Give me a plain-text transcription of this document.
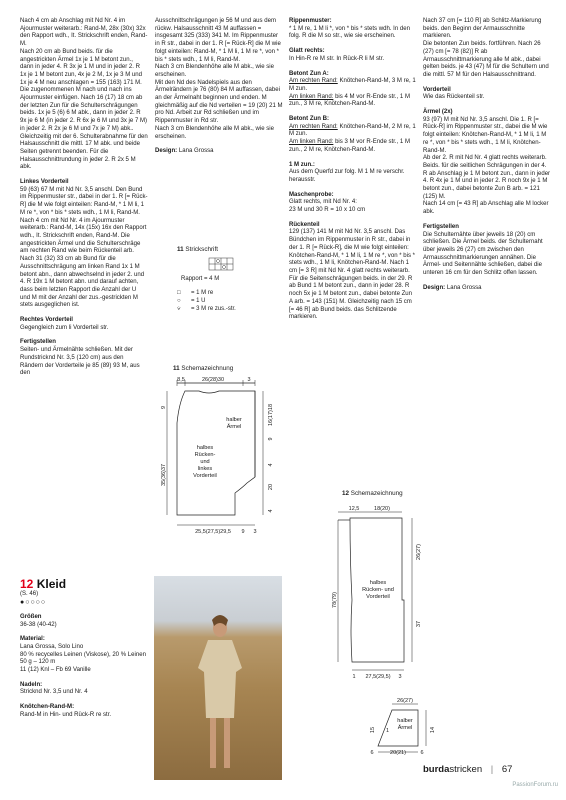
Nach 4 cm ab Anschlag mit Nd Nr. 4 im Ajourmuster weiterarb.: Rand-M, 28x (30x) 32x den Rapport wdh., It. Strickschrift enden, Rand-M.
Nach 20 cm ab Bund beids. für die angestrickten Ärmel 1x je 1 M betont zun., dann in jeder 4. R 3x je 1 M und in jeder 2. R 1x je 1 M betont zun, 4x je 2 M, 1x je 3 M und 1x je 4 M neu anschlagen = 155 (163) 171 M. Die zugenommenen M nach und nach ins Ajourmuster einfügen. Nach 16 (17) 18 cm ab der letzten Zun für die Schulterschrägungen beids. 1x je 5 (6) 6 M abk., dann in jeder 2. R 9x je 6 M (in jeder 2. R 6x je 6 M und 3x je 7 M) in jeder 2. R 2x je 6 M und 7x je 7 M) abk.. Gleichzeitig mit der 6. Schulterabnahme für den Halsausschnitt die mittl. 17 M abk. und beide Seiten getrennt beenden. Für die Halsausschnittrundung in jeder 2. R 2x 5 M abk.

Linkes Vorderteil

59 (63) 67 M mit Nd Nr. 3,5 anschl. Den Bund im Rippenmuster str., dabei in der 1. R [= Rück-R] die M wie folgt einteilen: Rand-M, * 1 M li, 1 M re *, von * bis * stets wdh., 1 M li, Rand-M. Nach 4 cm mit Nd Nr. 4 im Ajourmuster weiterarb.: Rand-M, 14x (15x) 16x den Rapport wdh., It. Strickschrift enden, Rand-M. Die angestrickten Ärmel und die Schulterschräge am rechten Rand wie beim Rückenteil arb.
Nach 31 (32) 33 cm ab Bund für die Ausschnittschrägung am linken Rand 1x 1 M betont abn., dann abwechselnd in jeder 2. und 4. R 19x 1 M betont abn. und darauf achten, dass beim letzten Rapport die Anzahl der U und M mit der Anzahl der zus.-gestrickten M stets ausgeglichen ist.

Rechtes Vorderteil

Gegengleich zum li Vorderteil str.

Fertigstellen

Seiten- und Ärmelnähte schließen. Mit der Rundstricknd Nr. 3,5 (120 cm) aus den Rändern der Vorderteile je 85 (89) 93 M, aus den

Ausschnittschrägungen je 56 M und aus dem rückw. Halsausschnitt 43 M auffassen = insgesamt 325 (333) 341 M. Im Rippenmuster in R str., dabei in der 1. R [= Rück-R] die M wie folgt einteilen: Rand-M, * 1 M li, 1 M re *, von * bis * stets wdh., 1 M li, Rand-M.
Nach 3 cm Blendenhöhe alle M abk., wie sie erscheinen.
Mit den Nd des Nadelspiels aus den Ärmelrändern je 76 (80) 84 M auffassen, dabei an der Ärmelnaht beginnen und enden. M gleichmäßig auf die Nd verteilen = 19 (20) 21 M pro Nd. Arbeit zur Rd schließen und im Rippenmuster in Rd str.
Nach 3 cm Blendenhöhe alle M abk., wie sie erscheinen.

Design: Lana Grossa

11 Strickschrift
Rapport = 4 M
□ = 1 M re
○ = 1 U
⩒ = 3 M re zus.-str.
11 Schemazeichnung
8,5	26(28)30	3
9
35(36)37
16(17)18
9
4
20
4
25,5(27,5)29,5 9 3
halber
Ärmel
halbes
Rücken-
und
linkes
Vorderteil

Rippenmuster:

* 1 M re, 1 M li *, von * bis * stets wdh. In den folg. R die M so str., wie sie erscheinen.

Glatt rechts:

In Hin-R re M str. In Rück-R li M str.

Betont Zun A:

Am rechten Rand: Knötchen-Rand-M, 3 M re, 1 M zun.

Am linken Rand: bis 4 M vor R-Ende str., 1 M zun., 3 M re, Knötchen-Rand-M.

Betont Zun B:

Am rechten Rand: Knötchen-Rand-M, 2 M re, 1 M zun.

Am linken Rand: bis 3 M vor R-Ende str., 1 M zun., 2 M re, Knötchen-Rand-M.

1 M zun.:

Aus dem Querfd zur folg. M 1 M re verschr. herausstr.

Maschenprobe:

Glatt rechts, mit Nd Nr. 4:
23 M und 30 R = 10 x 10 cm

Rückenteil

129 (137) 141 M mit Nd Nr. 3,5 anschl. Das Bündchen im Rippenmuster in R str., dabei in der 1. R [= Rück-R], die M wie folgt einteilen: Knötchen-Rand-M, * 1 M li, 1 M re *, von * bis * stets wdh., 1 M li, Knötchen-Rand-M. Nach 1 cm [= 3 R] mit Nd Nr. 4 glatt rechts weiterarb.
Für die Seitenschrägungen beids. in der 29. R ab Bund 1 M betont zun., dann in jeder 28. R noch 5x je 1 M betont zun., dabei betonte Zun A arb. = 143 (151) M. Gleichzeitig nach 15 cm [= 46 R] ab Bund beids. das Schlitzende markieren.

Nach 37 cm [= 110 R] ab Schlitz-Markierung beids. den Beginn der Armausschnitte markieren.
Die betonten Zun beids. fortführen. Nach 26 (27) cm [= 78 (82)] R ab Armausschnittmarkierung alle M abk., dabei gelten beids. je 43 (47) M für die Schultern und die mittl. 57 M für den Halsausschnittrand.

Vorderteil

Wie das Rückenteil str.

Ärmel (2x)

93 (97) M mit Nd Nr. 3,5 anschl. Die 1. R [= Rück-R] im Rippenmuster str., dabei die M wie folgt einteilen: Knötchen-Rand-M, * 1 M li, 1 M re *, von * bis * stets wdh., 1 M li, Knötchen-Rand-M.
Ab der 2. R mit Nd Nr. 4 glatt rechts weiterarb.
Beids. für die seitlichen Schrägungen in der 4. R ab Anschlag je 1 M betont zun., dann in jeder 4. R 4x je 1 M und in jeder 2. R noch 9x je 1 M betont zun., dabei betonte Zun B arb. = 121 (125) M.
Nach 14 cm [= 43 R] ab Anschlag alle M locker abk.

Fertigstellen

Die Schulternähte über jeweils 18 (20) cm schließen. Die Ärmel beids. der Schulternaht über jeweils 26 (27) cm zwischen den Armausschnittmarkierungen annähen. Die Ärmel- und Seitennähte schließen, dabei die unteren 16 cm für den Schlitz offen lassen.

Design: Lana Grossa

12 Schemazeichnung
12,5	18(20)
26(27)
78(79)
37
1 27,5(29,5) 3
26(27)
15 1	14
6	20(21)	6
halbes
Rücken- und
Vorderteil
halber
Ärmel

12 Kleid
(S. 46)

●○○○○

Größen

36-38 (40-42)

Material:

Lana Grossa, Solo Lino
80 % recycelles Leinen (Viskose), 20 % Leinen
50 g – 120 m
11 (12) Knl – Fb 69 Vanille

Nadeln:

Stricknd Nr. 3,5 und Nr. 4

Knötchen-Rand-M:

Rand-M in Hin- und Rück-R re str.

burdastricken | 67
PassionForum.ru
